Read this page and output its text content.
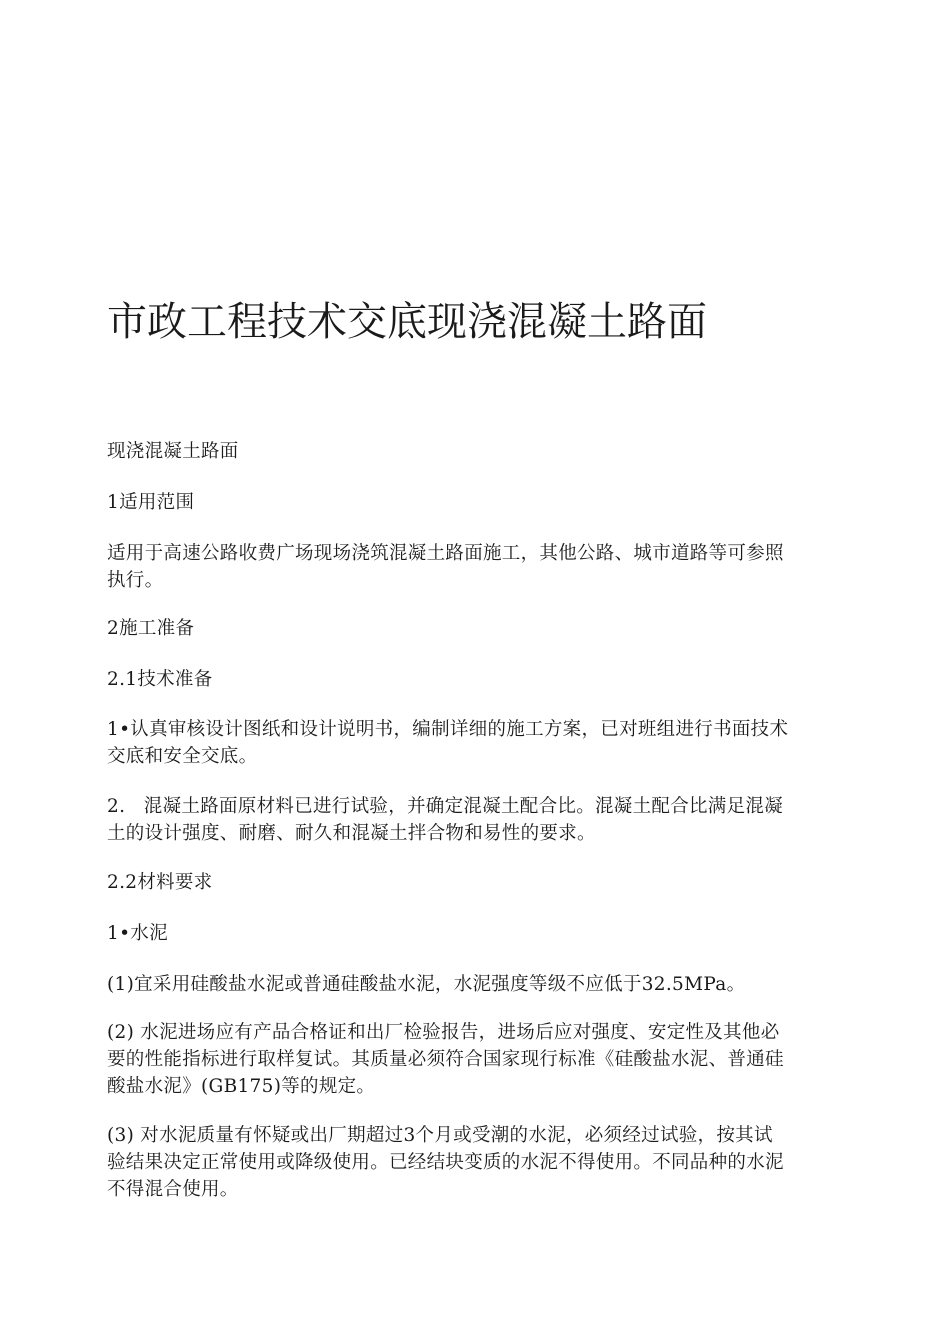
市政工程技术交底现浇混凝土路面

现浇混凝土路面

1适用范围

适用于高速公路收费广场现场浇筑混凝土路面施工，其他公路、城市道路等可参照
执行。

2施工准备

2.1技术准备

1•认真审核设计图纸和设计说明书，编制详细的施工方案，已对班组进行书面技术
交底和安全交底。

2.   混凝土路面原材料已进行试验，并确定混凝土配合比。混凝土配合比满足混凝
土的设计强度、耐磨、耐久和混凝土拌合物和易性的要求。

2.2材料要求

1•水泥

(1)宜采用硅酸盐水泥或普通硅酸盐水泥，水泥强度等级不应低于32.5MPa。

(2) 水泥进场应有产品合格证和出厂检验报告，进场后应对强度、安定性及其他必
要的性能指标进行取样复试。其质量必须符合国家现行标准《硅酸盐水泥、普通硅
酸盐水泥》(GB175)等的规定。

(3) 对水泥质量有怀疑或出厂期超过3个月或受潮的水泥，必须经过试验，按其试
验结果决定正常使用或降级使用。已经结块变质的水泥不得使用。不同品种的水泥
不得混合使用。
